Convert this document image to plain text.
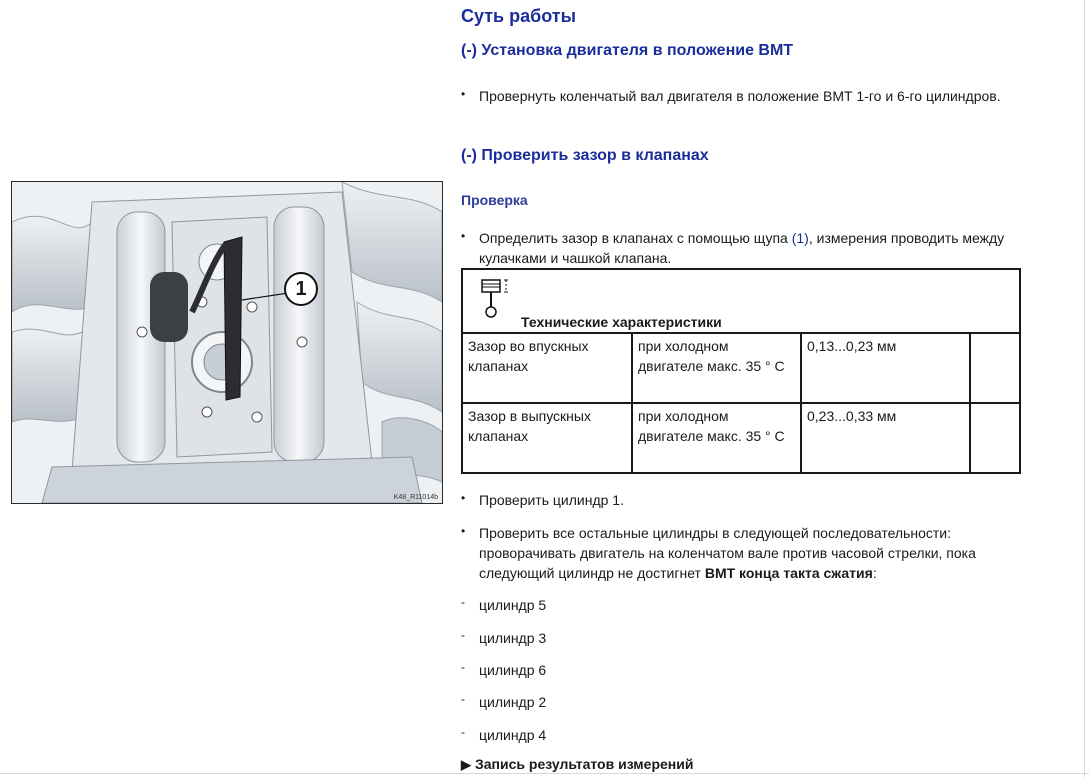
1
K48_R11014b
Суть работы
(-) Установка двигателя в положение ВМТ
• Провернуть коленчатый вал двигателя в положение ВМТ 1-го и 6-го цилиндров.
(-) Проверить зазор в клапанах
Проверка
• Определить зазор в клапанах с помощью щупа (1), измерения проводить между кулачками и чашкой клапана.
• Проверить цилиндр 1.
• Проверить все остальные цилиндры в следующей последовательности: проворачивать двигатель на коленчатом вале против часовой стрелки, пока следующий цилиндр не достигнет ВМТ конца такта сжатия:
- цилиндр 5
- цилиндр 3
- цилиндр 6
- цилиндр 2
- цилиндр 4
▶ Запись результатов измерений
Технические характеристики			

Зазор во впускных клапанах	при холодном двигателе макс. 35 ° C	0,13...0,23 мм	
Зазор в выпускных клапанах	при холодном двигателе макс. 35 ° C	0,23...0,33 мм	
